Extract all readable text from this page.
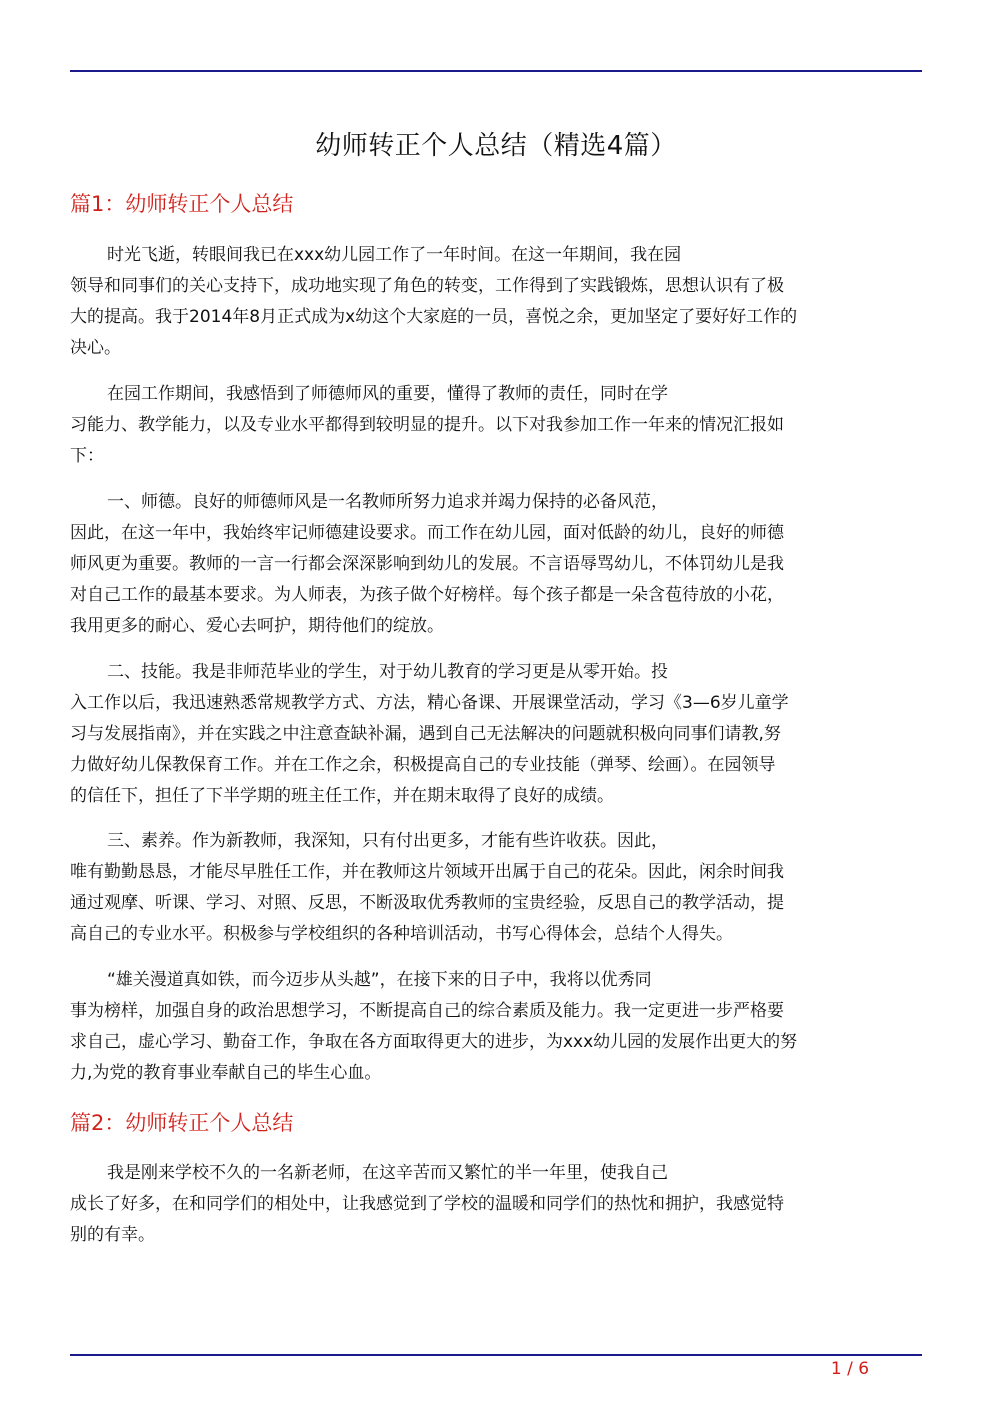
幼师转正个人总结（精选4篇）
篇1：幼师转正个人总结
时光飞逝，转眼间我已在xxx幼儿园工作了一年时间。在这一年期间，我在园
领导和同事们的关心支持下，成功地实现了角色的转变，工作得到了实践锻炼，思想认识有了极
大的提高。我于2014年8月正式成为x幼这个大家庭的一员，喜悦之余，更加坚定了要好好工作的
决心。
在园工作期间，我感悟到了师德师风的重要，懂得了教师的责任，同时在学
习能力、教学能力，以及专业水平都得到较明显的提升。以下对我参加工作一年来的情况汇报如
下：
一、师德。良好的师德师风是一名教师所努力追求并竭力保持的必备风范，
因此，在这一年中，我始终牢记师德建设要求。而工作在幼儿园，面对低龄的幼儿，良好的师德
师风更为重要。教师的一言一行都会深深影响到幼儿的发展。不言语辱骂幼儿，不体罚幼儿是我
对自己工作的最基本要求。为人师表，为孩子做个好榜样。每个孩子都是一朵含苞待放的小花，
我用更多的耐心、爱心去呵护，期待他们的绽放。
二、技能。我是非师范毕业的学生，对于幼儿教育的学习更是从零开始。投
入工作以后，我迅速熟悉常规教学方式、方法，精心备课、开展课堂活动，学习《3—6岁儿童学
习与发展指南》，并在实践之中注意查缺补漏，遇到自己无法解决的问题就积极向同事们请教,努
力做好幼儿保教保育工作。并在工作之余，积极提高自己的专业技能（弹琴、绘画）。在园领导
的信任下，担任了下半学期的班主任工作，并在期末取得了良好的成绩。
三、素养。作为新教师，我深知，只有付出更多，才能有些许收获。因此，
唯有勤勤恳恳，才能尽早胜任工作，并在教师这片领域开出属于自己的花朵。因此，闲余时间我
通过观摩、听课、学习、对照、反思，不断汲取优秀教师的宝贵经验，反思自己的教学活动，提
高自己的专业水平。积极参与学校组织的各种培训活动，书写心得体会，总结个人得失。
“雄关漫道真如铁，而今迈步从头越”，在接下来的日子中，我将以优秀同
事为榜样，加强自身的政治思想学习，不断提高自己的综合素质及能力。我一定更进一步严格要
求自己，虚心学习、勤奋工作，争取在各方面取得更大的进步，为xxx幼儿园的发展作出更大的努
力,为党的教育事业奉献自己的毕生心血。
篇2：幼师转正个人总结
我是刚来学校不久的一名新老师，在这辛苦而又繁忙的半一年里，使我自己
成长了好多，在和同学们的相处中，让我感觉到了学校的温暖和同学们的热忱和拥护，我感觉特
别的有幸。
1 / 6
